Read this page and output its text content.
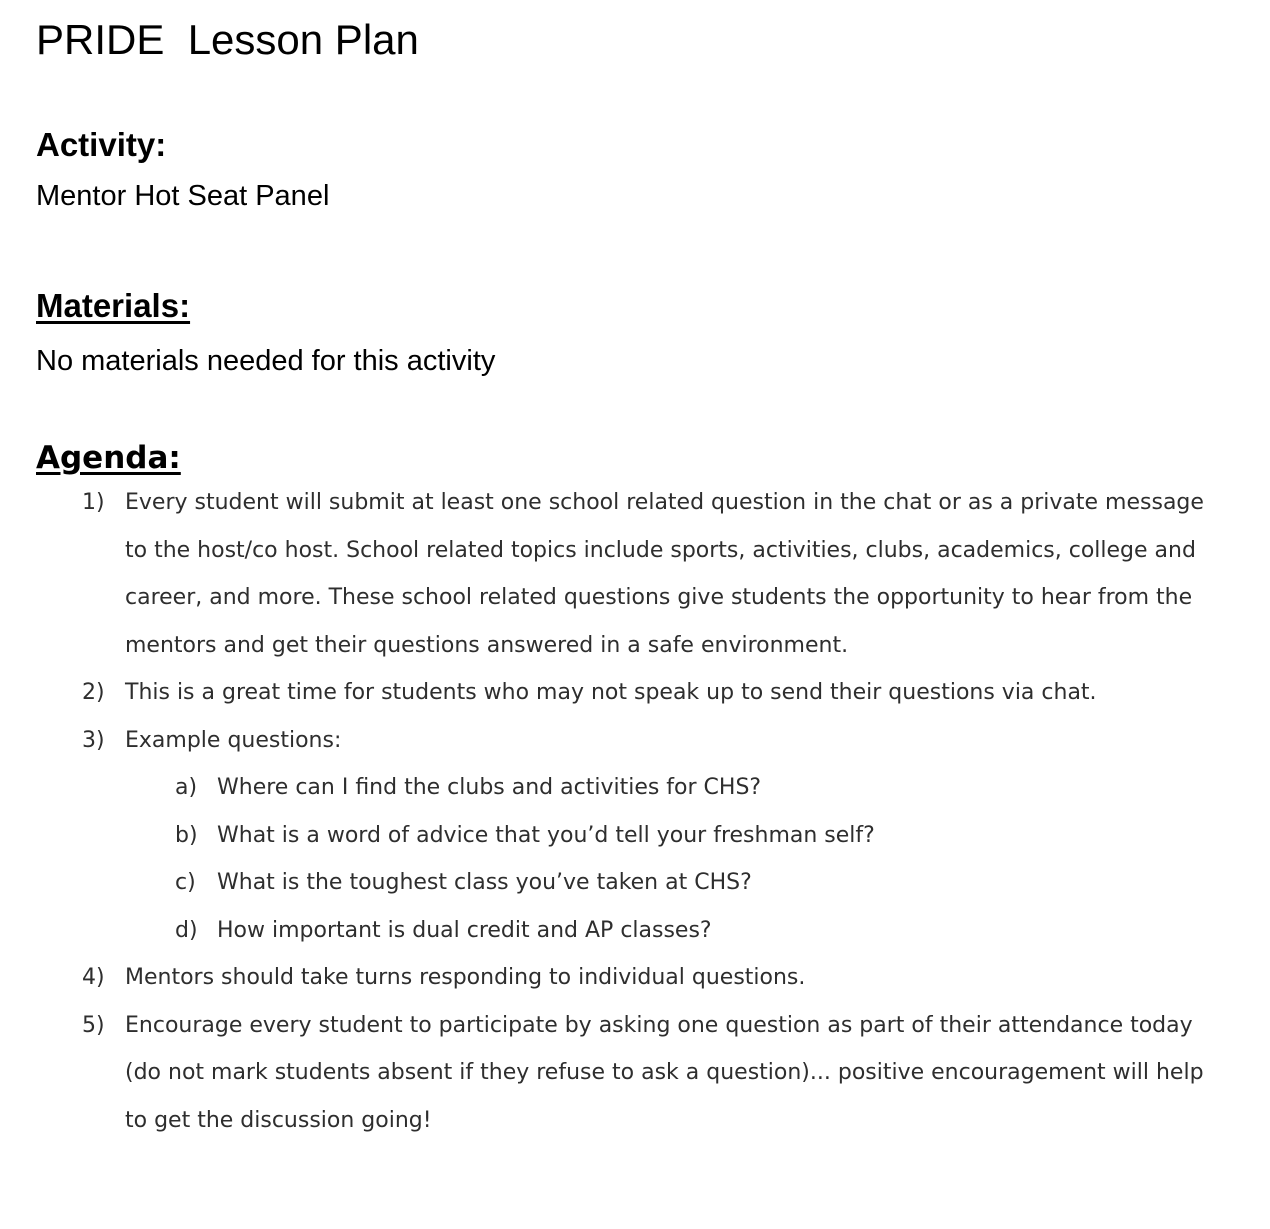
PRIDE  Lesson Plan
Activity:

Mentor Hot Seat Panel

Materials:

No materials needed for this activity

Agenda:
1) Every student will submit at least one school related question in the chat or as a private message to the host/co host. School related topics include sports, activities, clubs, academics, college and career, and more. These school related questions give students the opportunity to hear from the mentors and get their questions answered in a safe environment.
2) This is a great time for students who may not speak up to send their questions via chat.
3) Example questions:
a) Where can I find the clubs and activities for CHS?
b) What is a word of advice that you’d tell your freshman self?
c) What is the toughest class you’ve taken at CHS?
d) How important is dual credit and AP classes?
4) Mentors should take turns responding to individual questions.
5) Encourage every student to participate by asking one question as part of their attendance today (do not mark students absent if they refuse to ask a question)... positive encouragement will help to get the discussion going!
